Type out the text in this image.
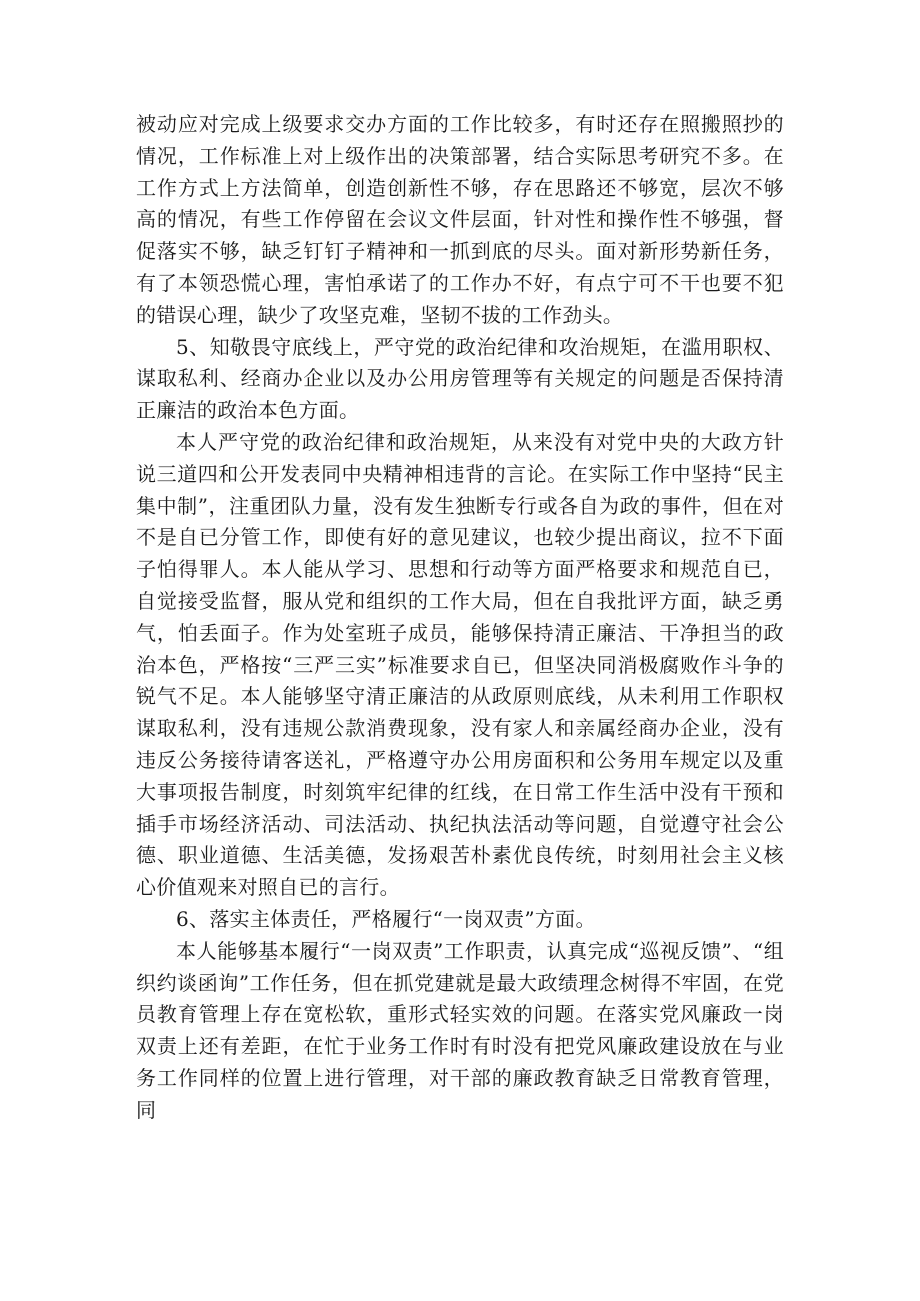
被动应对完成上级要求交办方面的工作比较多，有时还存在照搬照抄的情况，工作标准上对上级作出的决策部署，结合实际思考研究不多。在工作方式上方法简单，创造创新性不够，存在思路还不够宽，层次不够高的情况，有些工作停留在会议文件层面，针对性和操作性不够强，督促落实不够，缺乏钉钉子精神和一抓到底的尽头。面对新形势新任务，有了本领恐慌心理，害怕承诺了的工作办不好，有点宁可不干也要不犯的错误心理，缺少了攻坚克难，坚韧不拔的工作劲头。

5、知敬畏守底线上，严守党的政治纪律和攻治规矩，在滥用职权、谋取私利、经商办企业以及办公用房管理等有关规定的问题是否保持清正廉洁的政治本色方面。

本人严守党的政治纪律和政治规矩，从来没有对党中央的大政方针说三道四和公开发表同中央精神相违背的言论。在实际工作中坚持“民主集中制”，注重团队力量，没有发生独断专行或各自为政的事件，但在对不是自已分管工作，即使有好的意见建议，也较少提出商议，拉不下面子怕得罪人。本人能从学习、思想和行动等方面严格要求和规范自已，自觉接受监督，服从党和组织的工作大局，但在自我批评方面，缺乏勇气，怕丢面子。作为处室班子成员，能够保持清正廉洁、干净担当的政治本色，严格按“三严三实”标准要求自已，但坚决同消极腐败作斗争的锐气不足。本人能够坚守清正廉洁的从政原则底线，从未利用工作职权谋取私利，没有违规公款消费现象，没有家人和亲属经商办企业，没有违反公务接待请客送礼，严格遵守办公用房面积和公务用车规定以及重大事项报告制度，时刻筑牢纪律的红线，在日常工作生活中没有干预和插手市场经济活动、司法活动、执纪执法活动等问题，自觉遵守社会公德、职业道德、生活美德，发扬艰苦朴素优良传统，时刻用社会主义核心价值观来对照自已的言行。

6、落实主体责任，严格履行“一岗双责”方面。

本人能够基本履行“一岗双责”工作职责，认真完成“巡视反馈”、“组织约谈函询”工作任务，但在抓党建就是最大政绩理念树得不牢固，在党员教育管理上存在宽松软，重形式轻实效的问题。在落实党风廉政一岗双责上还有差距，在忙于业务工作时有时没有把党风廉政建设放在与业务工作同样的位置上进行管理，对干部的廉政教育缺乏日常教育管理，同
